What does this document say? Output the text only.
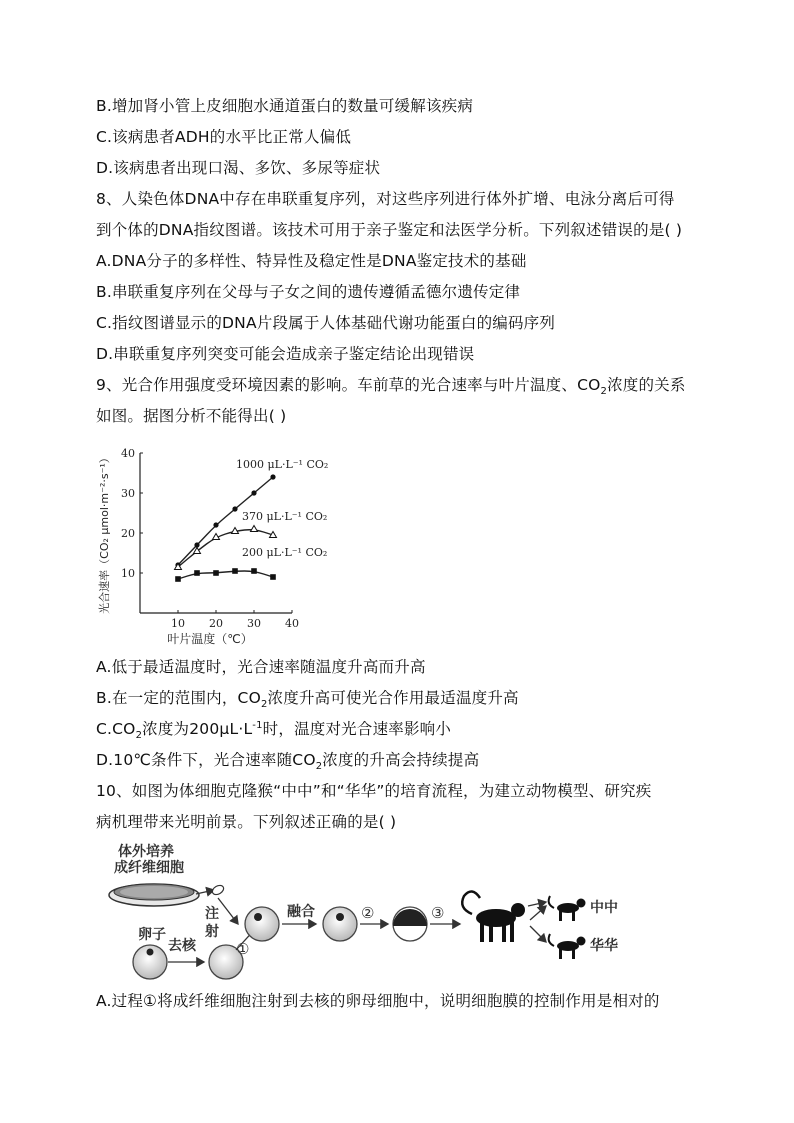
B.增加肾小管上皮细胞水通道蛋白的数量可缓解该疾病
C.该病患者ADH的水平比正常人偏低
D.该病患者出现口渴、多饮、多尿等症状
8、人染色体DNA中存在串联重复序列，对这些序列进行体外扩增、电泳分离后可得
到个体的DNA指纹图谱。该技术可用于亲子鉴定和法医学分析。下列叙述错误的是( )
A.DNA分子的多样性、特异性及稳定性是DNA鉴定技术的基础
B.串联重复序列在父母与子女之间的遗传遵循孟德尔遗传定律
C.指纹图谱显示的DNA片段属于人体基础代谢功能蛋白的编码序列
D.串联重复序列突变可能会造成亲子鉴定结论出现错误
9、光合作用强度受环境因素的影响。车前草的光合速率与叶片温度、$CO_2$浓度的关系
如图。据图分析不能得出( )
10 20 30 40
10
20
30
40
叶片温度（℃）
光合速率（CO₂ μmol·m⁻²·s⁻¹）	1000 μL·L⁻¹ CO₂
370 μL·L⁻¹ CO₂
200 μL·L⁻¹ CO₂
A.低于最适温度时，光合速率随温度升高而升高
B.在一定的范围内，$CO_2$浓度升高可使光合作用最适温度升高
$C.CO_2$浓度为$200\mu L\cdot L^{-1}$时，温度对光合速率影响小
D.10℃条件下，光合速率随$CO_2$浓度的升高会持续提高
10、如图为体细胞克隆猴“中中”和“华华”的培育流程，为建立动物模型、研究疾
病机理带来光明前景。下列叙述正确的是( )
体外培养
成纤维细胞
注
射
卵子
去核	①
融合	②	③	中中
华华
A.过程①将成纤维细胞注射到去核的卵母细胞中，说明细胞膜的控制作用是相对的
